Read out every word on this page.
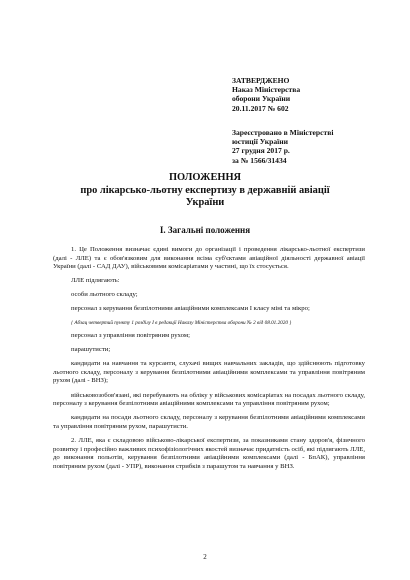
ЗАТВЕРДЖЕНО
Наказ Міністерства
оборони України
20.11.2017 № 602
Зареєстровано в Міністерстві
юстиції України
27 грудня 2017 р.
за № 1566/31434
ПОЛОЖЕННЯ
про лікарсько-льотну експертизу в державній авіації
України
I. Загальні положення

1. Це Положення визначає єдині вимоги до організації і проведення лікарсько-льотної експертизи (далі - ЛЛЕ) та є обов'язковим для виконання всіма суб'єктами авіаційної діяльності державної авіації України (далі - САД ДАУ), військовими комісаріатами у частині, що їх стосується.

ЛЛЕ підлягають:

особи льотного складу;

персонал з керування безпілотними авіаційними комплексами I класу міні та мікро;

{ Абзац четвертий пункту 1 розділу I в редакції Наказу Міністерства оборони № 2 від 08.01.2020 }

персонал з управління повітряним рухом;

парашутисти;

кандидати на навчання та курсанти, слухачі вищих навчальних закладів, що здійснюють підготовку льотного складу, персоналу з керування безпілотними авіаційними комплексами та управління повітряним рухом (далі - ВНЗ);

військовозобов'язані, які перебувають на обліку у військових комісаріатах на посадах льотного складу, персоналу з керування безпілотними авіаційними комплексами та управління повітряним рухом;

кандидати на посади льотного складу, персоналу з керування безпілотними авіаційними комплексами та управління повітряним рухом, парашутисти.

2. ЛЛЕ, яка є складовою військово-лікарської експертизи, за показниками стану здоров'я, фізичного розвитку і професійно важливих психофізіологічних якостей визначає придатність осіб, які підлягають ЛЛЕ, до виконання польотів, керування безпілотними авіаційними комплексами (далі - БпАК), управління повітряним рухом (далі - УПР), виконання стрибків з парашутом та навчання у ВНЗ.

2
